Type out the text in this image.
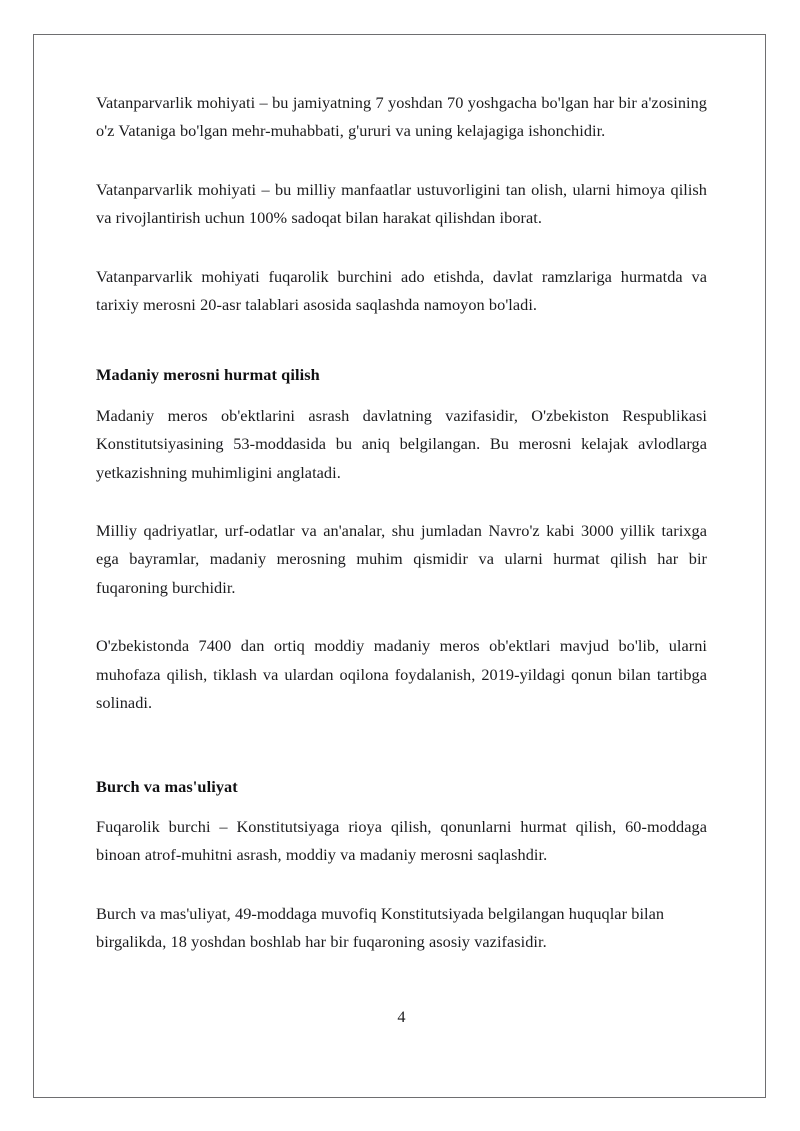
Vatanparvarlik mohiyati – bu jamiyatning 7 yoshdan 70 yoshgacha bo'lgan har bir a'zosining o'z Vataniga bo'lgan mehr-muhabbati, g'ururi va uning kelajagiga ishonchidir.

Vatanparvarlik mohiyati – bu milliy manfaatlar ustuvorligini tan olish, ularni himoya qilish va rivojlantirish uchun 100% sadoqat bilan harakat qilishdan iborat.

Vatanparvarlik mohiyati fuqarolik burchini ado etishda, davlat ramzlariga hurmatda va tarixiy merosni 20-asr talablari asosida saqlashda namoyon bo'ladi.

Madaniy merosni hurmat qilish

Madaniy meros ob'ektlarini asrash davlatning vazifasidir, O'zbekiston Respublikasi Konstitutsiyasining 53-moddasida bu aniq belgilangan. Bu merosni kelajak avlodlarga yetkazishning muhimligini anglatadi.

Milliy qadriyatlar, urf-odatlar va an'analar, shu jumladan Navro'z kabi 3000 yillik tarixga ega bayramlar, madaniy merosning muhim qismidir va ularni hurmat qilish har bir fuqaroning burchidir.

O'zbekistonda 7400 dan ortiq moddiy madaniy meros ob'ektlari mavjud bo'lib, ularni muhofaza qilish, tiklash va ulardan oqilona foydalanish, 2019-yildagi qonun bilan tartibga solinadi.

Burch va mas'uliyat

Fuqarolik burchi – Konstitutsiyaga rioya qilish, qonunlarni hurmat qilish, 60-moddaga binoan atrof-muhitni asrash, moddiy va madaniy merosni saqlashdir.

Burch va mas'uliyat, 49-moddaga muvofiq Konstitutsiyada belgilangan huquqlar bilan birgalikda, 18 yoshdan boshlab har bir fuqaroning asosiy vazifasidir.

4
